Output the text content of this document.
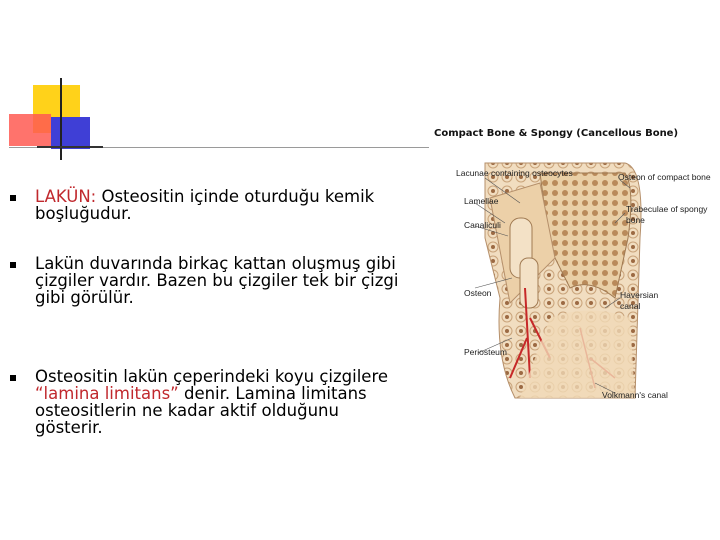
LAKÜN: Osteositin içinde oturduğu kemik boşluğudur.
Lakün duvarında birkaç kattan oluşmuş gibi çizgiler vardır. Bazen bu çizgiler tek bir çizgi gibi görülür.
Osteositin lakün çeperindeki koyu çizgilere “lamina limitans” denir. Lamina limitans osteositlerin ne kadar aktif olduğunu gösterir.
Compact Bone & Spongy (Cancellous Bone)
Lacunae containing osteocytes
Lamellae
Canaliculi
Osteon
Periosteum
Osteon of compact bone
Trabeculae of spongy
bone
Haversian
canal
Volkmann's canal
